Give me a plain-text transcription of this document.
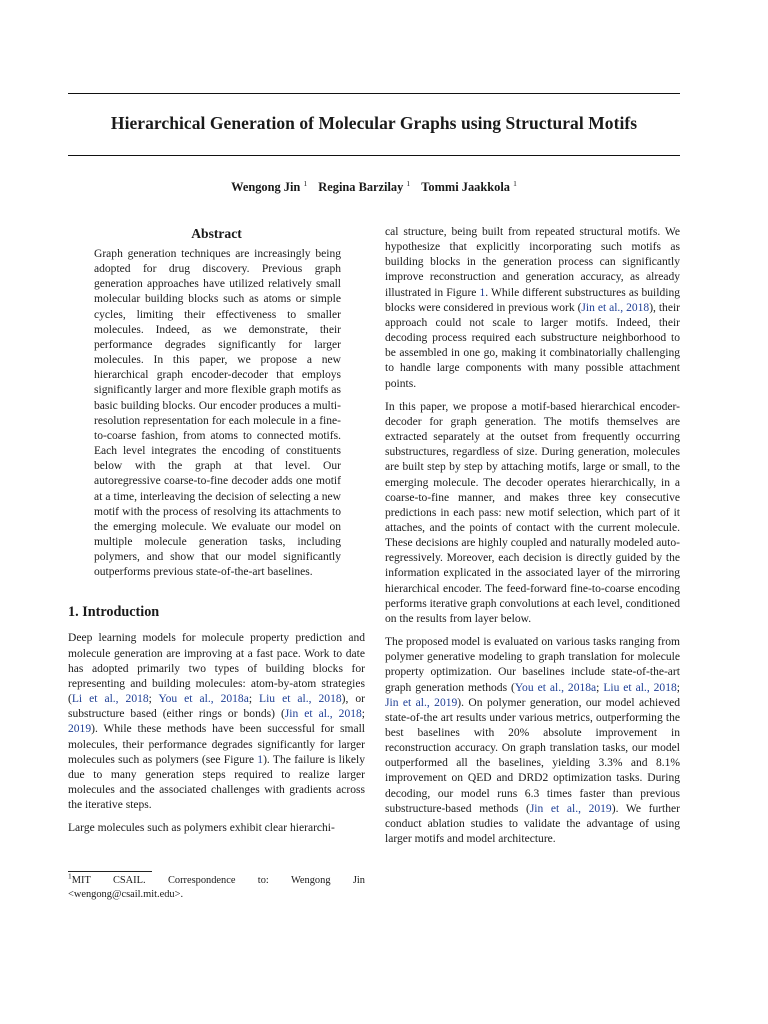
Hierarchical Generation of Molecular Graphs using Structural Motifs
Wengong Jin $^1$ Regina Barzilay $^1$ Tommi Jaakkola $^1$
Abstract
Graph generation techniques are increasingly being adopted for drug discovery. Previous graph generation approaches have utilized relatively small molecular building blocks such as atoms or simple cycles, limiting their effectiveness to smaller molecules. Indeed, as we demonstrate, their performance degrades significantly for larger molecules. In this paper, we propose a new hierarchical graph encoder-decoder that employs significantly larger and more flexible graph motifs as basic building blocks. Our encoder produces a multi-resolution representation for each molecule in a fine-to-coarse fashion, from atoms to connected motifs. Each level integrates the encoding of constituents below with the graph at that level. Our autoregressive coarse-to-fine decoder adds one motif at a time, interleaving the decision of selecting a new motif with the process of resolving its attachments to the emerging molecule. We evaluate our model on multiple molecule generation tasks, including polymers, and show that our model significantly outperforms previous state-of-the-art baselines.
1. Introduction

Deep learning models for molecule property prediction and molecule generation are improving at a fast pace. Work to date has adopted primarily two types of building blocks for representing and building molecules: atom-by-atom strategies (Li et al., 2018; You et al., 2018a; Liu et al., 2018), or substructure based (either rings or bonds) (Jin et al., 2018; 2019). While these methods have been successful for small molecules, their performance degrades significantly for larger molecules such as polymers (see Figure 1). The failure is likely due to many generation steps required to realize larger molecules and the associated challenges with gradients across the iterative steps.

Large molecules such as polymers exhibit clear hierarchi-

cal structure, being built from repeated structural motifs. We hypothesize that explicitly incorporating such motifs as building blocks in the generation process can significantly improve reconstruction and generation accuracy, as already illustrated in Figure 1. While different substructures as building blocks were considered in previous work (Jin et al., 2018), their approach could not scale to larger motifs. Indeed, their decoding process required each substructure neighborhood to be assembled in one go, making it combinatorially challenging to handle large components with many possible attachment points.

In this paper, we propose a motif-based hierarchical encoder-decoder for graph generation. The motifs themselves are extracted separately at the outset from frequently occurring substructures, regardless of size. During generation, molecules are built step by step by attaching motifs, large or small, to the emerging molecule. The decoder operates hierarchically, in a coarse-to-fine manner, and makes three key consecutive predictions in each pass: new motif selection, which part of it attaches, and the points of contact with the current molecule. These decisions are highly coupled and naturally modeled auto-regressively. Moreover, each decision is directly guided by the information explicated in the associated layer of the mirroring hierarchical encoder. The feed-forward fine-to-coarse encoding performs iterative graph convolutions at each level, conditioned on the results from layer below.

The proposed model is evaluated on various tasks ranging from polymer generative modeling to graph translation for molecule property optimization. Our baselines include state-of-the-art graph generation methods (You et al., 2018a; Liu et al., 2018; Jin et al., 2019). On polymer generation, our model achieved state-of-the art results under various metrics, outperforming the best baselines with 20% absolute improvement in reconstruction accuracy. On graph translation tasks, our model outperformed all the baselines, yielding 3.3% and 8.1% improvement on QED and DRD2 optimization tasks. During decoding, our model runs 6.3 times faster than previous substructure-based methods (Jin et al., 2019). We further conduct ablation studies to validate the advantage of using larger motifs and model architecture.

$^1$MIT CSAIL. Correspondence to: Wengong Jin <wengong@csail.mit.edu>.
